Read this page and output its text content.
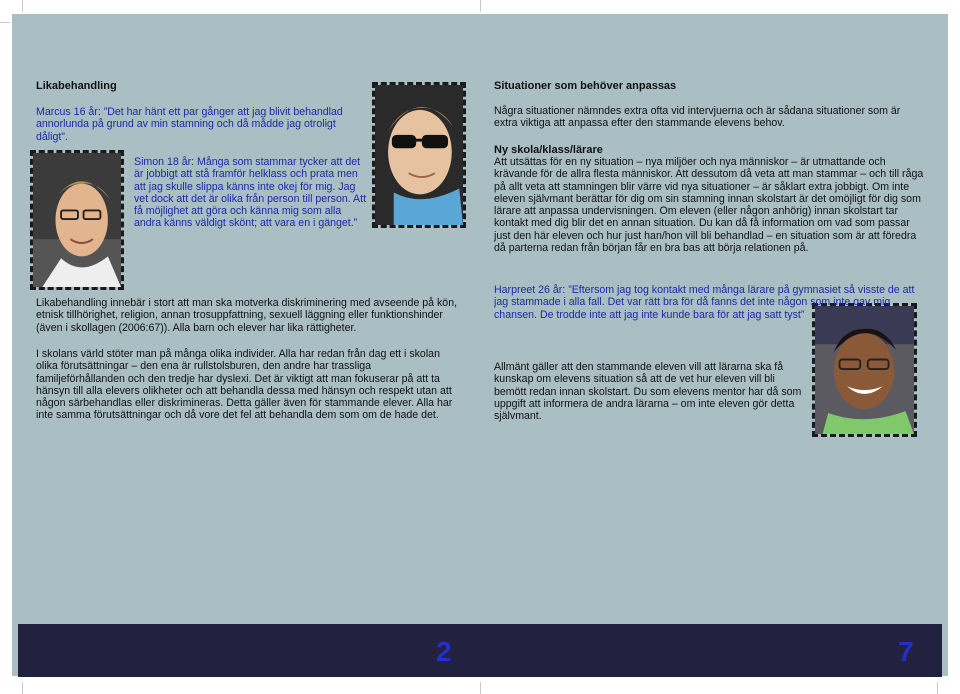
Likabehandling

Marcus 16 år: ”Det har hänt ett par gånger att jag blivit behandlad annorlunda på grund av min stamning och då mådde jag otroligt dåligt”.

Simon 18 år: Många som stammar tycker att det är jobbigt att stå framför helklass och prata men att jag skulle slippa känns inte okej för mig. Jag vet dock att det är olika från person till person. Att få möjlighet att göra och känna mig som alla andra känns väldigt skönt; att vara en i gänget.”

Likabehandling innebär i stort att man ska motverka diskriminering med avseende på kön, etnisk tillhörighet, religion, annan trosuppfattning, sexuell läggning eller funktionshinder (även i skollagen (2006:67)). Alla barn och elever har lika rättigheter.

I skolans värld stöter man på många olika individer. Alla har redan från dag ett i skolan olika förutsättningar – den ena är rullstolsburen, den andre har trassliga familjeförhållanden och den tredje har dyslexi. Det är viktigt att man fokuserar på att ta hänsyn till alla elevers olikheter och att behandla dessa med hänsyn och respekt utan att någon särbehandlas eller diskrimineras. Detta gäller även för stammande elever. Alla har inte samma förutsättningar och då vore det fel att behandla dem som om de hade det.

2
Situationer som behöver anpassas

Några situationer nämndes extra ofta vid intervjuerna och är sådana situationer som är extra viktiga att anpassa efter den stammande elevens behov.

Ny skola/klass/lärare

Att utsättas för en ny situation – nya miljöer och nya människor – är utmattande och krävande för de allra flesta människor. Att dessutom då veta att man stammar – och till råga på allt veta att stamningen blir värre vid nya situationer – är såklart extra jobbigt. Om inte eleven självmant berättar för dig om sin stamning innan skolstart är det omöjligt för dig som lärare att anpassa undervisningen. Om eleven (eller någon anhörig) innan skolstart tar kontakt med dig blir det en annan situation. Du kan då få information om vad som passar just den här eleven och hur just han/hon vill bli behandlad – en situation som är att föredra då parterna redan från början får en bra bas att börja relationen på.

Harpreet 26 år: ”Eftersom jag tog kontakt med många lärare på gymnasiet så visste de att jag stammade i alla fall. Det var rätt bra för då fanns det inte någon som inte gav mig chansen. De trodde inte att jag inte kunde bara för att jag satt tyst”

Allmänt gäller att den stammande eleven vill att lärarna ska få kunskap om elevens situation så att de vet hur eleven vill bli bemött redan innan skolstart. Du som elevens mentor har då som uppgift att informera de andra lärarna – om inte eleven gör detta självmant.

7
